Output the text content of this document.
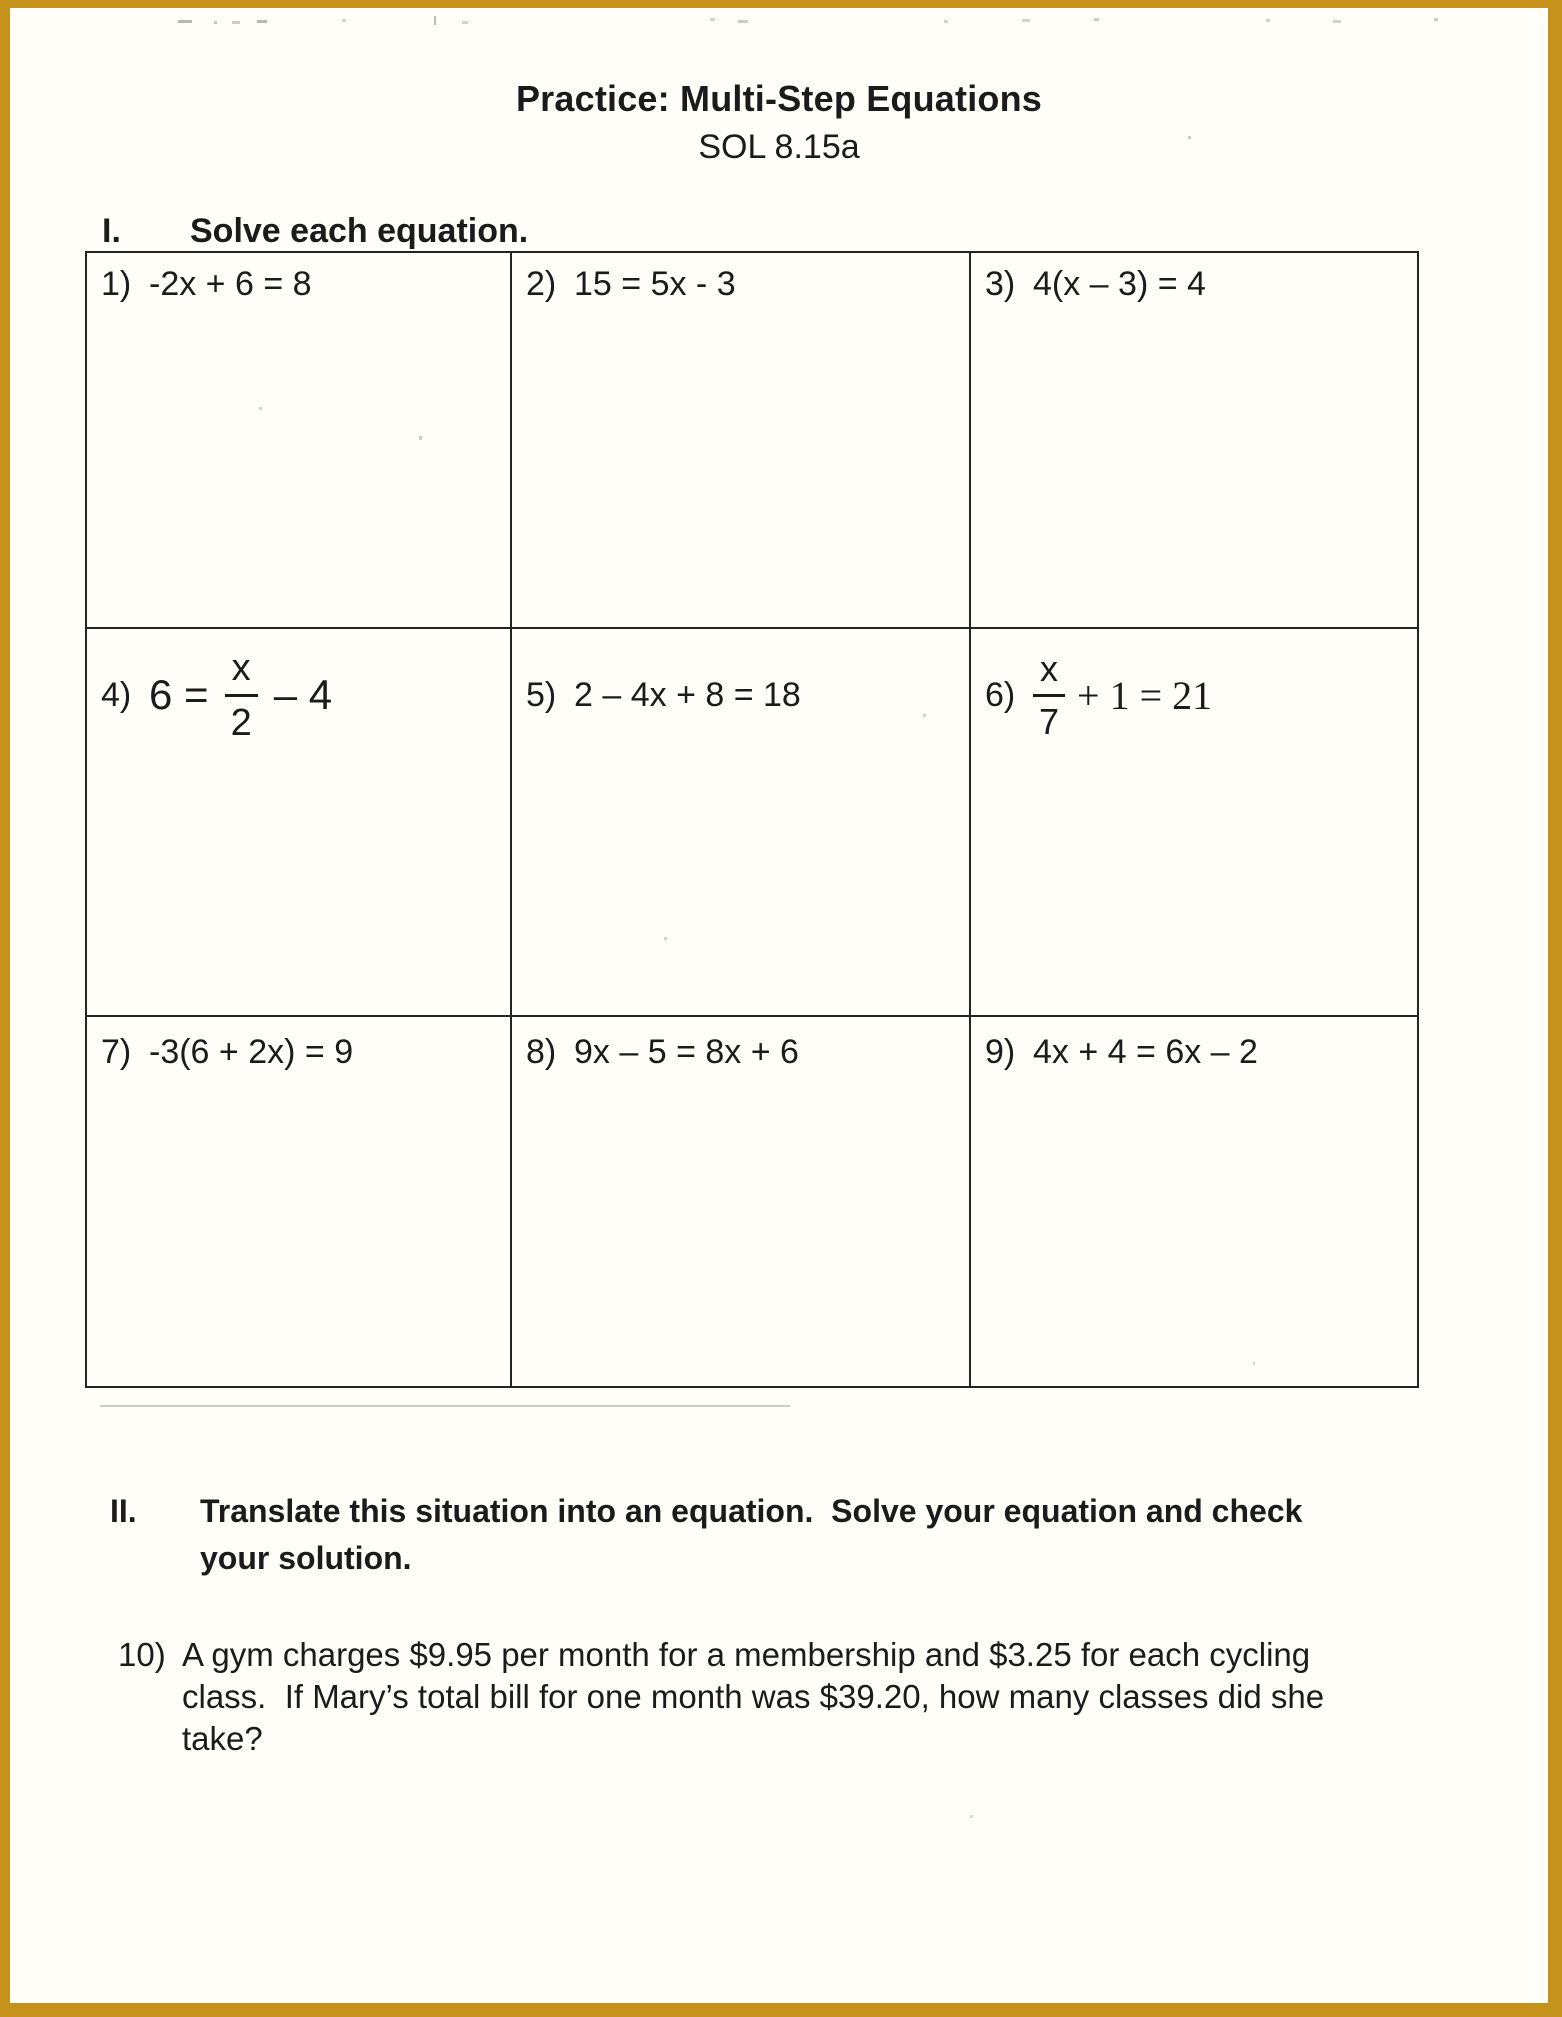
Practice: Multi-Step Equations
SOL 8.15a
I.	Solve each equation.
1) -2x + 6 = 8	2) 15 = 5x - 3	3) 4(x – 3) = 4
4) $6 = \frac{x}{2} - 4$	5) 2 – 4x + 8 = 18	$6) \frac{x}{7} + 1 = 21$
7) -3(6 + 2x) = 9	8) 9x – 5 = 8x + 6	9) 4x + 4 = 6x – 2
II.	Translate this situation into an equation.  Solve your equation and check
your solution.
10) A gym charges $9.95 per month for a membership and $3.25 for each cycling
class.  If Mary’s total bill for one month was $39.20, how many classes did she
take?
